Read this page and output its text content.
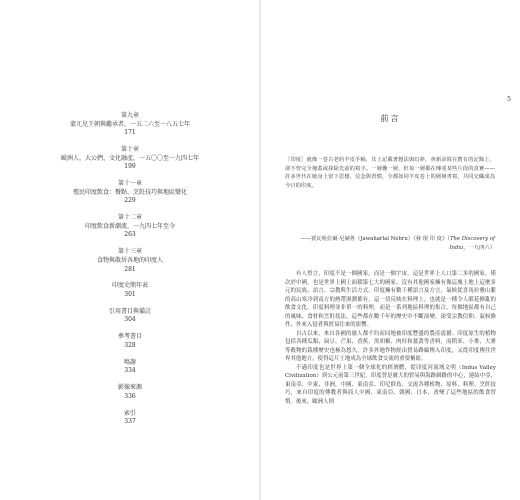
第九章
蒙兀兒王朝與繼承者，一五二六至一八五七年
171
第十章
歐洲人、大公們、文化融產，一五〇〇至一九四七年
199
第十一章
殖民印度飲食：餐點、烹飪技巧與地區變化
229
第十二章
印度飲食新潮流，一九四七年至今
263
第十三章
食物與散居各地的印度人
281
印度史簡年表
301
引用書目與備註
304
參考書目
328
鳴謝
334
影像來源
336
索引
337
5
前言
［印度］就像一卷古老的羊皮手稿，其上記載著想法與幻夢，會新添寫在舊有的記錄上，卻不曾完全掩蓋或抹除先前的寫字。一層疊一層，但每一層都在傳達某些片段的真實——許多世代在她身上留下思想、信念與習慣，全都如同羊皮卷上的層層書寫，共同交織成為今日的印度。
——賈瓦哈拉爾·尼赫魯（Jawaharlal Nehru）《發 現 印 度》（The Discovery of India，一九四六）

有人曾言，印度不是一個國家，而是一個宇宙，這是世界上人口第二多的國家，僅次於中國，也是世界上國土面積第七大的國家，沒有其他國家擁有像這塊土地上這麼多元的民族、語言、宗教與生活方式。印度擁有數千種語言及方言，氣候從喜馬拉雅山脈的高山寒冷到南方的熱帶濕潤都有，這一切反映在料理上，也就是一種令人眼花撩亂的飲食文化。印度料理並非單一的料理，而是一系列地區料理的集合，每個地區都有自己的風味、食材和烹飪技法，這些都在數千年的歷史中不斷演變，深受宗教信仰、氣候條件、外來入侵者與貿易往來的影響。

自古以來，來自各國的旅人都不約而同地被印度豐盛的農產震撼。印度原生的植物包括各種瓜類、扁豆、芒果、香蕉、黑胡椒、肉桂和薑黃等香料，而稻米、小麥、大麥等穀物的栽種歷史也極為悠久。許多外地作物經由貿易路線傳入印度，又從印度傳往世界其他地方，使得這片土地成為全球飲食交流的重要樞紐。

不過印度也是世界上第一個全球化的經濟體，從印度河流域文明（Indus Valley Civilization）到公元前第三世紀，印度曾是廣大的貿易與海路網路的中心，連結中亞、東南亞、中東、非洲，中國、東南亞、印尼群島、交流各種植物、原料、料理、烹飪技巧，來自印度的傳教者與商人中國、東南亞、韓國、日本，改變了這些地區的飲食習慣。後來，歐洲人則
